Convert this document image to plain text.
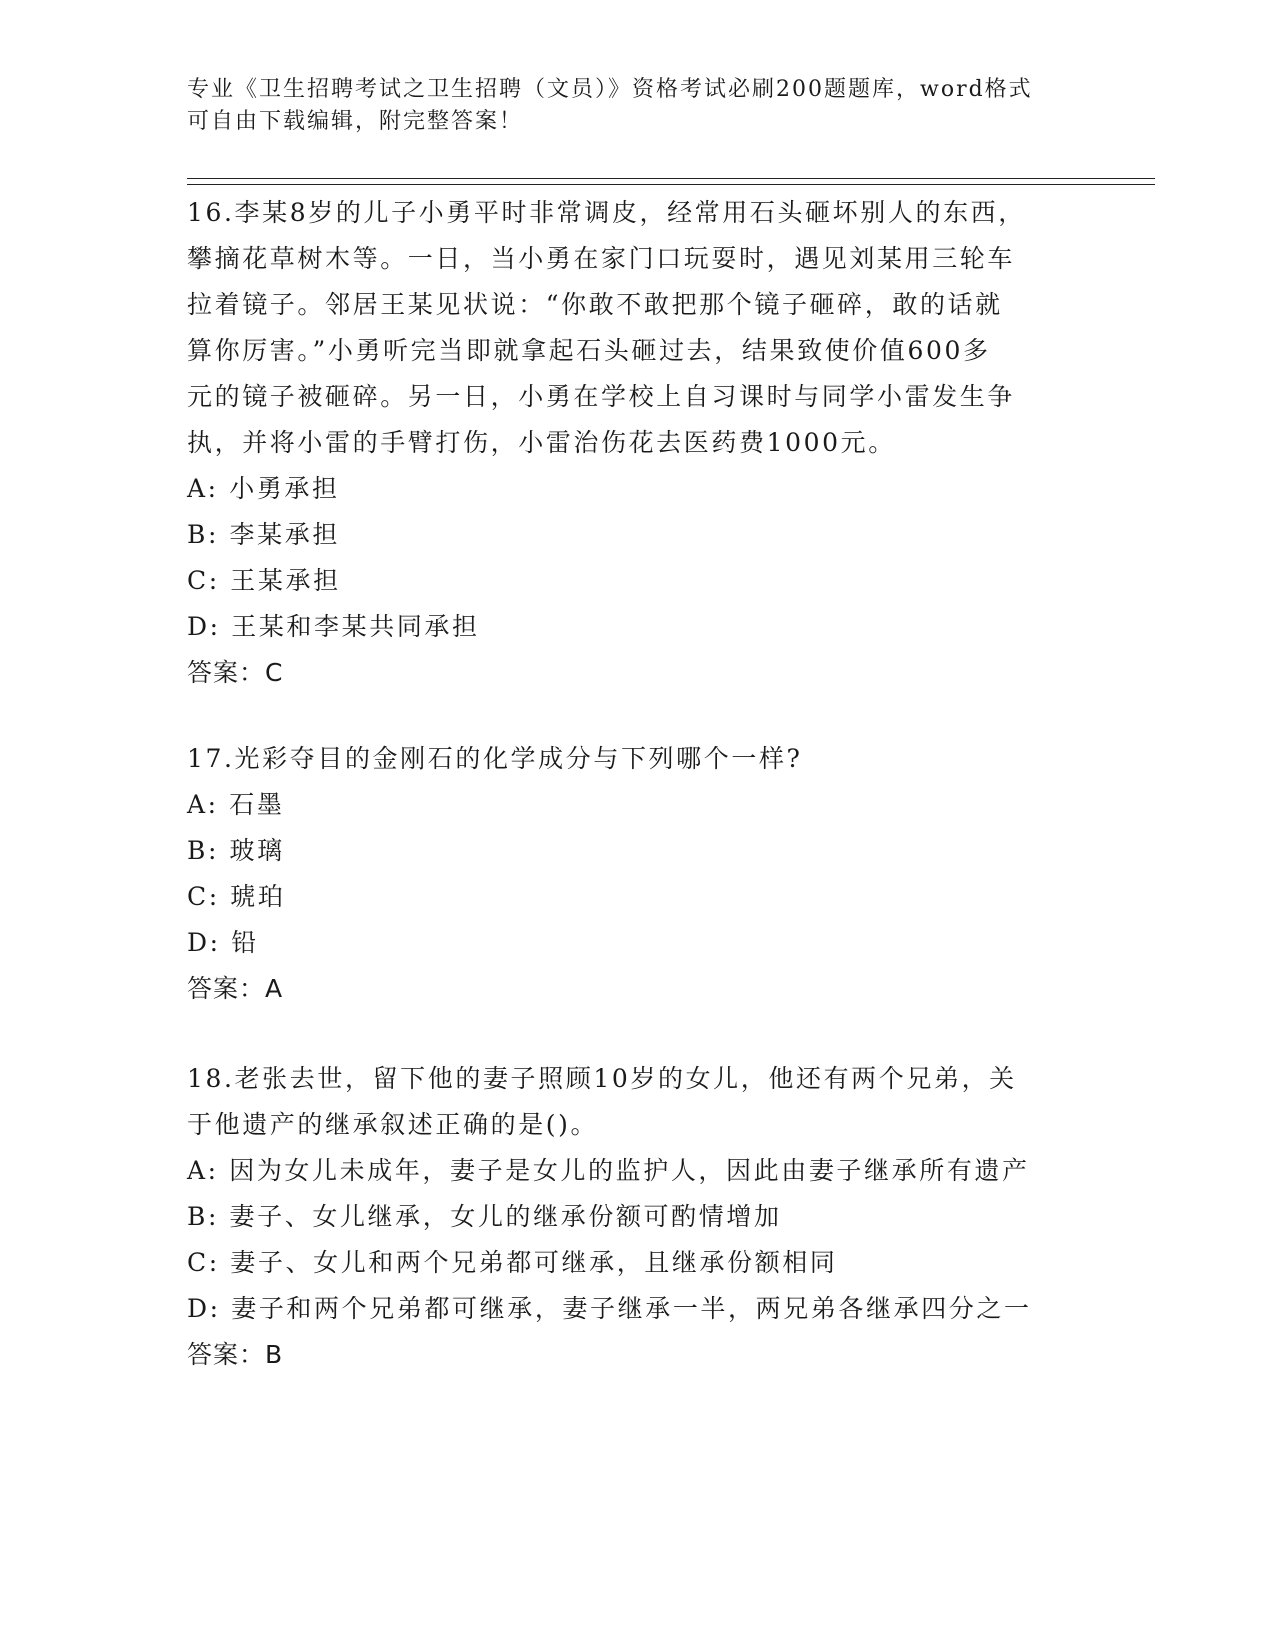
专业《卫生招聘考试之卫生招聘（文员）》资格考试必刷200题题库，word格式
可自由下载编辑，附完整答案！
16.李某8岁的儿子小勇平时非常调皮，经常用石头砸坏别人的东西，
攀摘花草树木等。一日，当小勇在家门口玩耍时，遇见刘某用三轮车
拉着镜子。邻居王某见状说：“你敢不敢把那个镜子砸碎，敢的话就
算你厉害。”小勇听完当即就拿起石头砸过去，结果致使价值600多
元的镜子被砸碎。另一日，小勇在学校上自习课时与同学小雷发生争
执，并将小雷的手臂打伤，小雷治伤花去医药费1000元。
A: 小勇承担
B: 李某承担
C: 王某承担
D: 王某和李某共同承担
答案：C
17.光彩夺目的金刚石的化学成分与下列哪个一样?
A: 石墨
B: 玻璃
C: 琥珀
D: 铅
答案：A
18.老张去世，留下他的妻子照顾10岁的女儿，他还有两个兄弟，关
于他遗产的继承叙述正确的是()。
A: 因为女儿未成年，妻子是女儿的监护人，因此由妻子继承所有遗产
B: 妻子、女儿继承，女儿的继承份额可酌情增加
C: 妻子、女儿和两个兄弟都可继承，且继承份额相同
D: 妻子和两个兄弟都可继承，妻子继承一半，两兄弟各继承四分之一
答案：B
